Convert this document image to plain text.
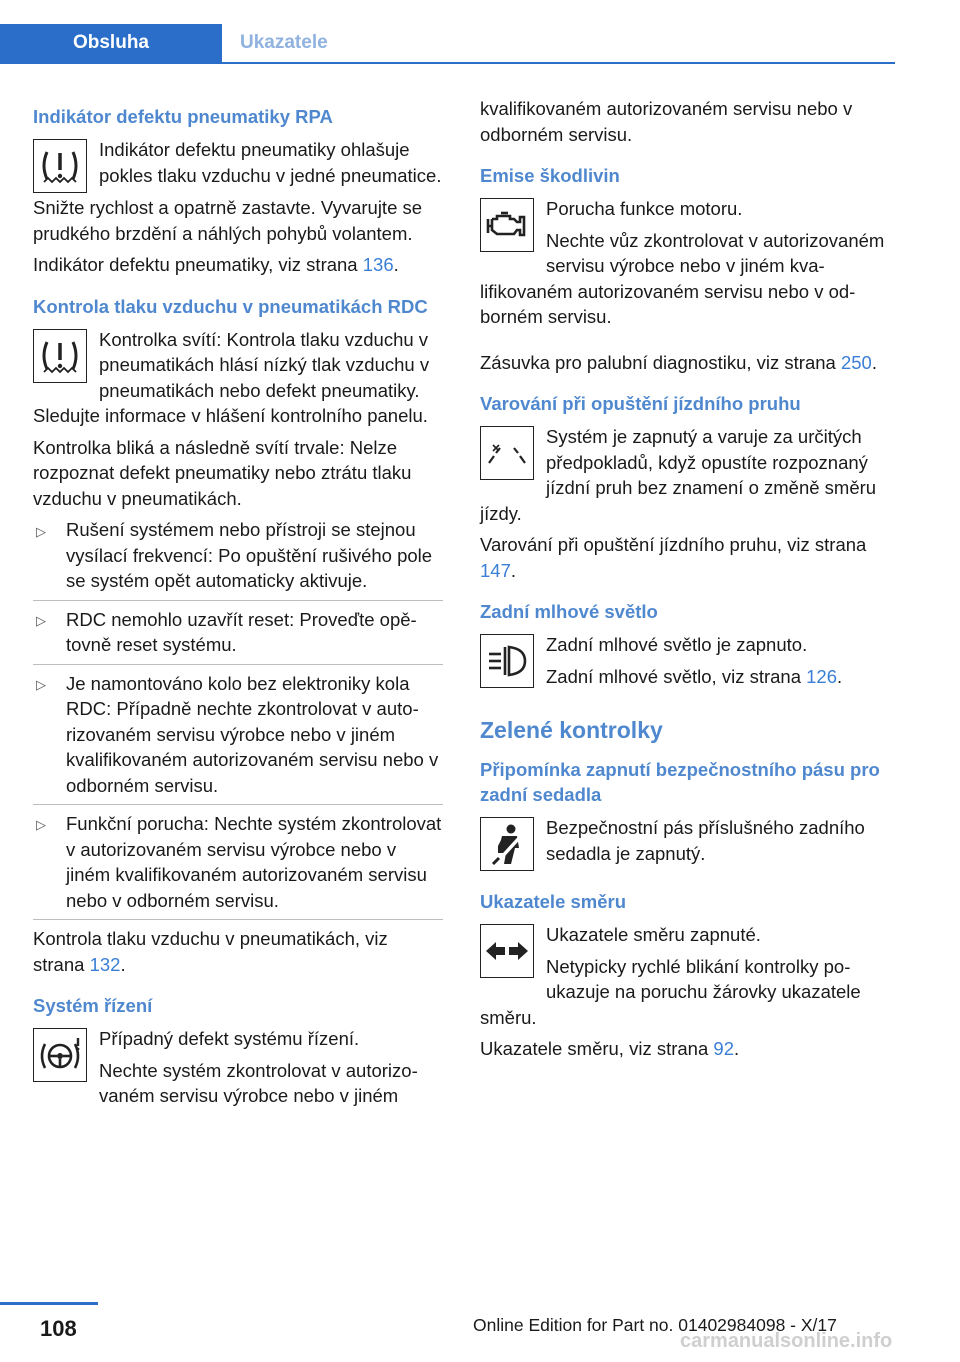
Obsluha	Ukazatele
Indikátor defektu pneumatiky RPA

Indikátor defektu pneumatiky ohlašuje pokles tlaku vzduchu v jedné pneumatice.

Snižte rychlost a opatrně zastavte. Vyvarujte se prudkého brzdění a náhlých pohybů volantem.

Indikátor defektu pneumatiky, viz strana 136.

Kontrola tlaku vzduchu v pneumatikách RDC

Kontrolka svítí: Kontrola tlaku vzduchu v pneumatikách hlásí nízký tlak vzduchu v pneumatikách nebo defekt pneumatiky. Sledujte informace v hlášení kontrolního panelu.

Kontrolka bliká a následně svítí trvale: Nelze rozpoznat defekt pneumatiky nebo ztrátu tlaku vzduchu v pneumatikách.

▷ Rušení systémem nebo přístroji se stejnou vysílací frekvencí: Po opuštění rušivého pole se systém opět automaticky aktivuje.
▷ RDC nemohlo uzavřít reset: Proveďte opětovně reset systému.
▷ Je namontováno kolo bez elektroniky kola RDC: Případně nechte zkontrolovat v autorizovaném servisu výrobce nebo v jiném kvalifikovaném autorizovaném servisu nebo v odborném servisu.
▷ Funkční porucha: Nechte systém zkontrolovat v autorizovaném servisu výrobce nebo v jiném kvalifikovaném autorizovaném servisu nebo v odborném servisu.

Kontrola tlaku vzduchu v pneumatikách, viz strana 132.

Systém řízení

Případný defekt systému řízení.

Nechte systém zkontrolovat v autorizovaném servisu výrobce nebo v jiném

kvalifikovaném autorizovaném servisu nebo v odborném servisu.

Emise škodlivin

Porucha funkce motoru.

Nechte vůz zkontrolovat v autorizovaném servisu výrobce nebo v jiném kvalifikovaném autorizovaném servisu nebo v odborném servisu.

Zásuvka pro palubní diagnostiku, viz strana 250.

Varování při opuštění jízdního pruhu

Systém je zapnutý a varuje za určitých předpokladů, když opustíte rozpoznaný jízdní pruh bez znamení o změně směru jízdy.

Varování při opuštění jízdního pruhu, viz strana 147.

Zadní mlhové světlo

Zadní mlhové světlo je zapnuto.

Zadní mlhové světlo, viz strana 126.

Zelené kontrolky
Připomínka zapnutí bezpečnostního pásu pro zadní sedadla

Bezpečnostní pás příslušného zadního sedadla je zapnutý.

Ukazatele směru

Ukazatele směru zapnuté.

Netypicky rychlé blikání kontrolky poukazuje na poruchu žárovky ukazatele směru.

Ukazatele směru, viz strana 92.

108	Online Edition for Part no. 01402984098 - X/17
carmanualsonline.info
